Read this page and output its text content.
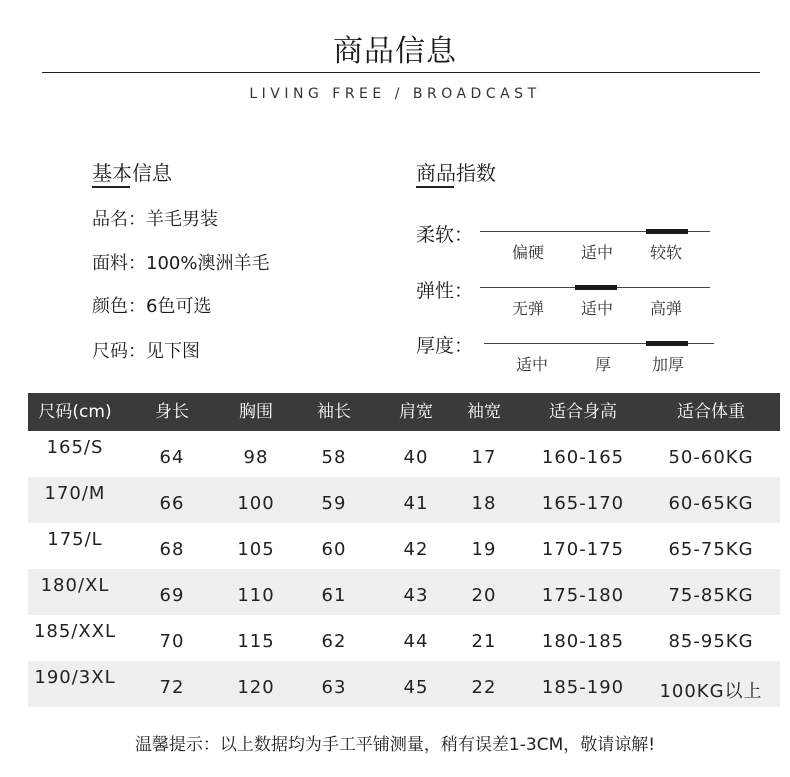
商品信息
LIVING FREE / BROADCAST
基本信息
品名：羊毛男装
面料：100%澳洲羊毛
颜色：6色可选
尺码：见下图
商品指数
柔软：
偏硬	适中	较软
弹性：
无弹	适中	高弹
厚度：
适中	厚	加厚
尺码(cm)	身长	胸围	袖长	肩宽	袖宽	适合身高	适合体重
165/S	64	98	58	40	17	160-165	50-60KG
170/M	66	100	59	41	18	165-170	60-65KG
175/L	68	105	60	42	19	170-175	65-75KG
180/XL	69	110	61	43	20	175-180	75-85KG
185/XXL	70	115	62	44	21	180-185	85-95KG
190/3XL	72	120	63	45	22	185-190	100KG以上
温馨提示：以上数据均为手工平铺测量，稍有误差1-3CM，敬请谅解!
